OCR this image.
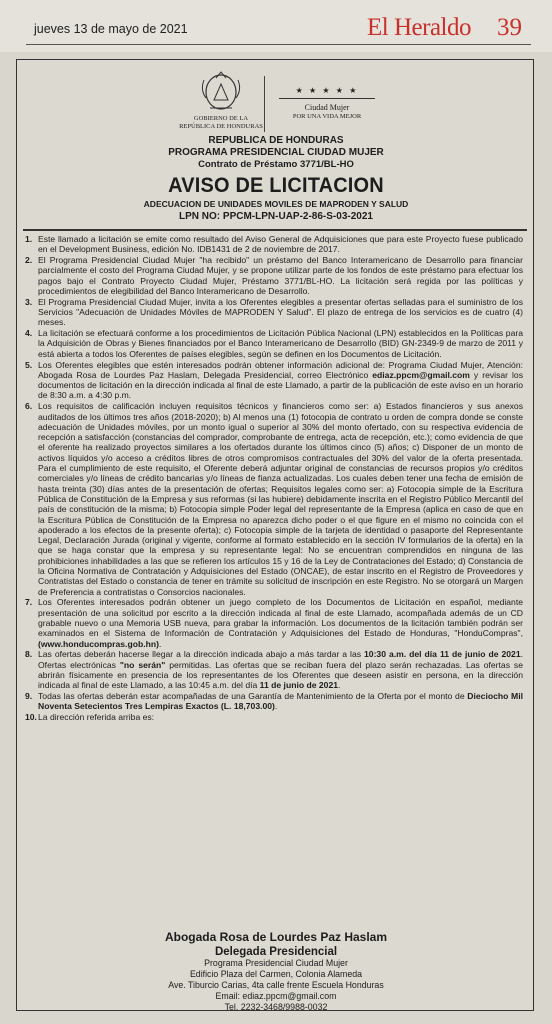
jueves 13 de mayo de 2021	El Heraldo 39
GOBIERNO DE LA
REPÚBLICA DE HONDURAS
★ ★ ★ ★ ★
Ciudad Mujer
POR UNA VIDA MEJOR
REPUBLICA DE HONDURAS
PROGRAMA PRESIDENCIAL CIUDAD MUJER
Contrato de Préstamo 3771/BL-HO
AVISO DE LICITACION
ADECUACION DE UNIDADES MOVILES DE MAPRODEN Y SALUD
LPN NO: PPCM-LPN-UAP-2-86-S-03-2021
1. Este llamado a licitación se emite como resultado del Aviso General de Adquisiciones que para este Proyecto fuese publicado en el Development Business, edición No. IDB1431 de 2 de noviembre de 2017.
2. El Programa Presidencial Ciudad Mujer "ha recibido" un préstamo del Banco Interamericano de Desarrollo para financiar parcialmente el costo del Programa Ciudad Mujer, y se propone utilizar parte de los fondos de este préstamo para efectuar los pagos bajo el Contrato Proyecto Ciudad Mujer, Préstamo 3771/BL-HO. La licitación será regida por las políticas y procedimientos de elegibilidad del Banco Interamericano de Desarrollo.
3. El Programa Presidencial Ciudad Mujer, invita a los Oferentes elegibles a presentar ofertas selladas para el suministro de los Servicios "Adecuación de Unidades Móviles de MAPRODEN Y Salud". El plazo de entrega de los servicios es de cuatro (4) meses.
4. La licitación se efectuará conforme a los procedimientos de Licitación Pública Nacional (LPN) establecidos en la Políticas para la Adquisición de Obras y Bienes financiados por el Banco Interamericano de Desarrollo (BID) GN-2349-9 de marzo de 2011 y está abierta a todos los Oferentes de países elegibles, según se definen en los Documentos de Licitación.
5. Los Oferentes elegibles que estén interesados podrán obtener información adicional de: Programa Ciudad Mujer, Atención: Abogada Rosa de Lourdes Paz Haslam, Delegada Presidencial, correo Electrónico ediaz.ppcm@gmail.com y revisar los documentos de licitación en la dirección indicada al final de este Llamado, a partir de la publicación de este aviso en un horario de 8:30 a.m. a 4:30 p.m.
6. Los requisitos de calificación incluyen requisitos técnicos y financieros como ser: a) Estados financieros y sus anexos auditados de los últimos tres años (2018-2020); b) Al menos una (1) fotocopia de contrato u orden de compra donde se conste adecuación de Unidades móviles, por un monto igual o superior al 30% del monto ofertado, con su respectiva evidencia de recepción a satisfacción (constancias del comprador, comprobante de entrega, acta de recepción, etc.); como evidencia de que el oferente ha realizado proyectos similares a los ofertados durante los últimos cinco (5) años; c) Disponer de un monto de activos líquidos y/o acceso a créditos libres de otros compromisos contractuales del 30% del valor de la oferta presentada. Para el cumplimiento de este requisito, el Oferente deberá adjuntar original de constancias de recursos propios y/o créditos comerciales y/o líneas de crédito bancarias y/o líneas de fianza actualizadas. Los cuales deben tener una fecha de emisión de hasta treinta (30) días antes de la presentación de ofertas; Requisitos legales como ser: a) Fotocopia simple de la Escritura Pública de Constitución de la Empresa y sus reformas (si las hubiere) debidamente inscrita en el Registro Público Mercantil del país de constitución de la misma; b) Fotocopia simple Poder legal del representante de la Empresa (aplica en caso de que en la Escritura Pública de Constitución de la Empresa no aparezca dicho poder o el que figure en el mismo no coincida con el apoderado a los efectos de la presente oferta); c) Fotocopia simple de la tarjeta de identidad o pasaporte del Representante Legal, Declaración Jurada (original y vigente, conforme al formato establecido en la sección IV formularios de la oferta) en la que se haga constar que la empresa y su representante legal: No se encuentran comprendidos en ninguna de las prohibiciones inhabilidades a las que se refieren los artículos 15 y 16 de la Ley de Contrataciones del Estado; d) Constancia de la Oficina Normativa de Contratación y Adquisiciones del Estado (ONCAE), de estar inscrito en el Registro de Proveedores y Contratistas del Estado o constancia de tener en trámite su solicitud de inscripción en este Registro. No se otorgará un Margen de Preferencia a contratistas o Consorcios nacionales.
7. Los Oferentes interesados podrán obtener un juego completo de los Documentos de Licitación en español, mediante presentación de una solicitud por escrito a la dirección indicada al final de este Llamado, acompañada además de un CD grabable nuevo o una Memoria USB nueva, para grabar la información. Los documentos de la licitación también podrán ser examinados en el Sistema de Información de Contratación y Adquisiciones del Estado de Honduras, "HonduCompras", (www.honducompras.gob.hn).
8. Las ofertas deberán hacerse llegar a la dirección indicada abajo a más tardar a las 10:30 a.m. del día 11 de junio de 2021. Ofertas electrónicas "no serán" permitidas. Las ofertas que se reciban fuera del plazo serán rechazadas. Las ofertas se abrirán físicamente en presencia de los representantes de los Oferentes que deseen asistir en persona, en la dirección indicada al final de este Llamado, a las 10:45 a.m. del día 11 de junio de 2021.
9. Todas las ofertas deberán estar acompañadas de una Garantía de Mantenimiento de la Oferta por el monto de Dieciocho Mil Noventa Setecientos Tres Lempiras Exactos (L. 18,703.00).
10. La dirección referida arriba es:
Abogada Rosa de Lourdes Paz Haslam
Delegada Presidencial
Programa Presidencial Ciudad Mujer
Edificio Plaza del Carmen, Colonia Alameda
Ave. Tiburcio Carias, 4ta calle frente Escuela Honduras
Email: ediaz.ppcm@gmail.com
Tel. 2232-3468/9988-0032
